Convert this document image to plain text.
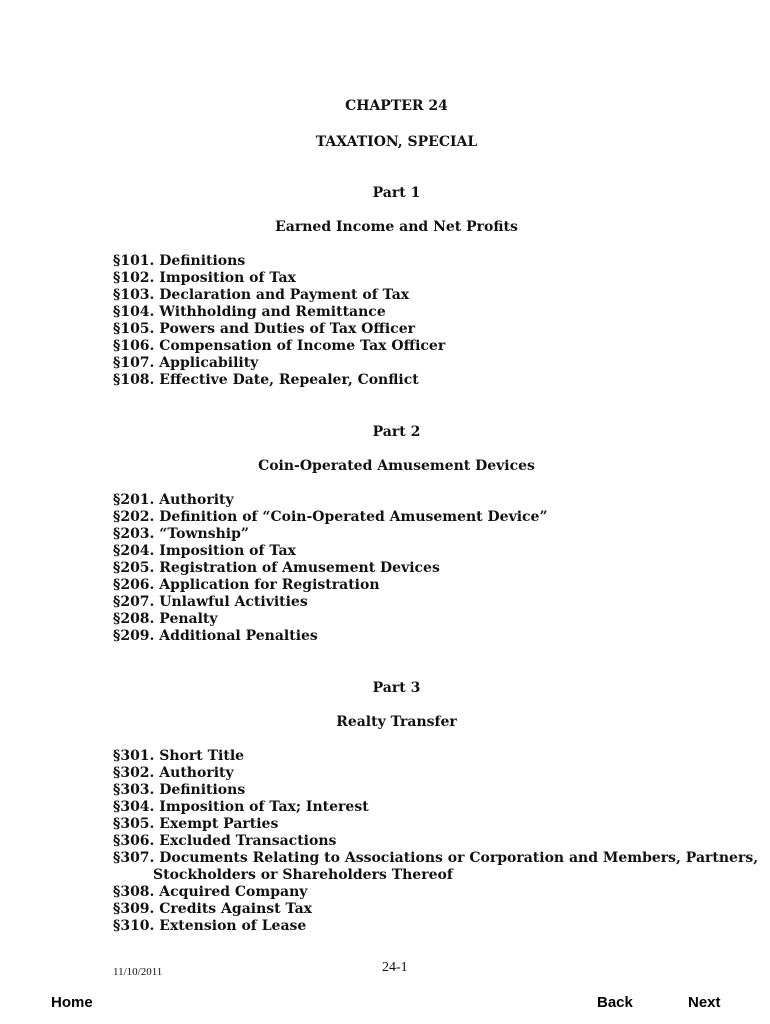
CHAPTER 24
TAXATION, SPECIAL
Part 1
Earned Income and Net Profits
§101. Definitions
§102. Imposition of Tax
§103. Declaration and Payment of Tax
§104. Withholding and Remittance
§105. Powers and Duties of Tax Officer
§106. Compensation of Income Tax Officer
§107. Applicability
§108. Effective Date, Repealer, Conflict
Part 2
Coin-Operated Amusement Devices
§201. Authority
§202. Definition of “Coin-Operated Amusement Device”
§203. “Township”
§204. Imposition of Tax
§205. Registration of Amusement Devices
§206. Application for Registration
§207. Unlawful Activities
§208. Penalty
§209. Additional Penalties
Part 3
Realty Transfer
§301. Short Title
§302. Authority
§303. Definitions
§304. Imposition of Tax; Interest
§305. Exempt Parties
§306. Excluded Transactions
§307. Documents Relating to Associations or Corporation and Members, Partners,
Stockholders or Shareholders Thereof
§308. Acquired Company
§309. Credits Against Tax
§310. Extension of Lease
11/10/2011	24-1
Home	Back	Next
